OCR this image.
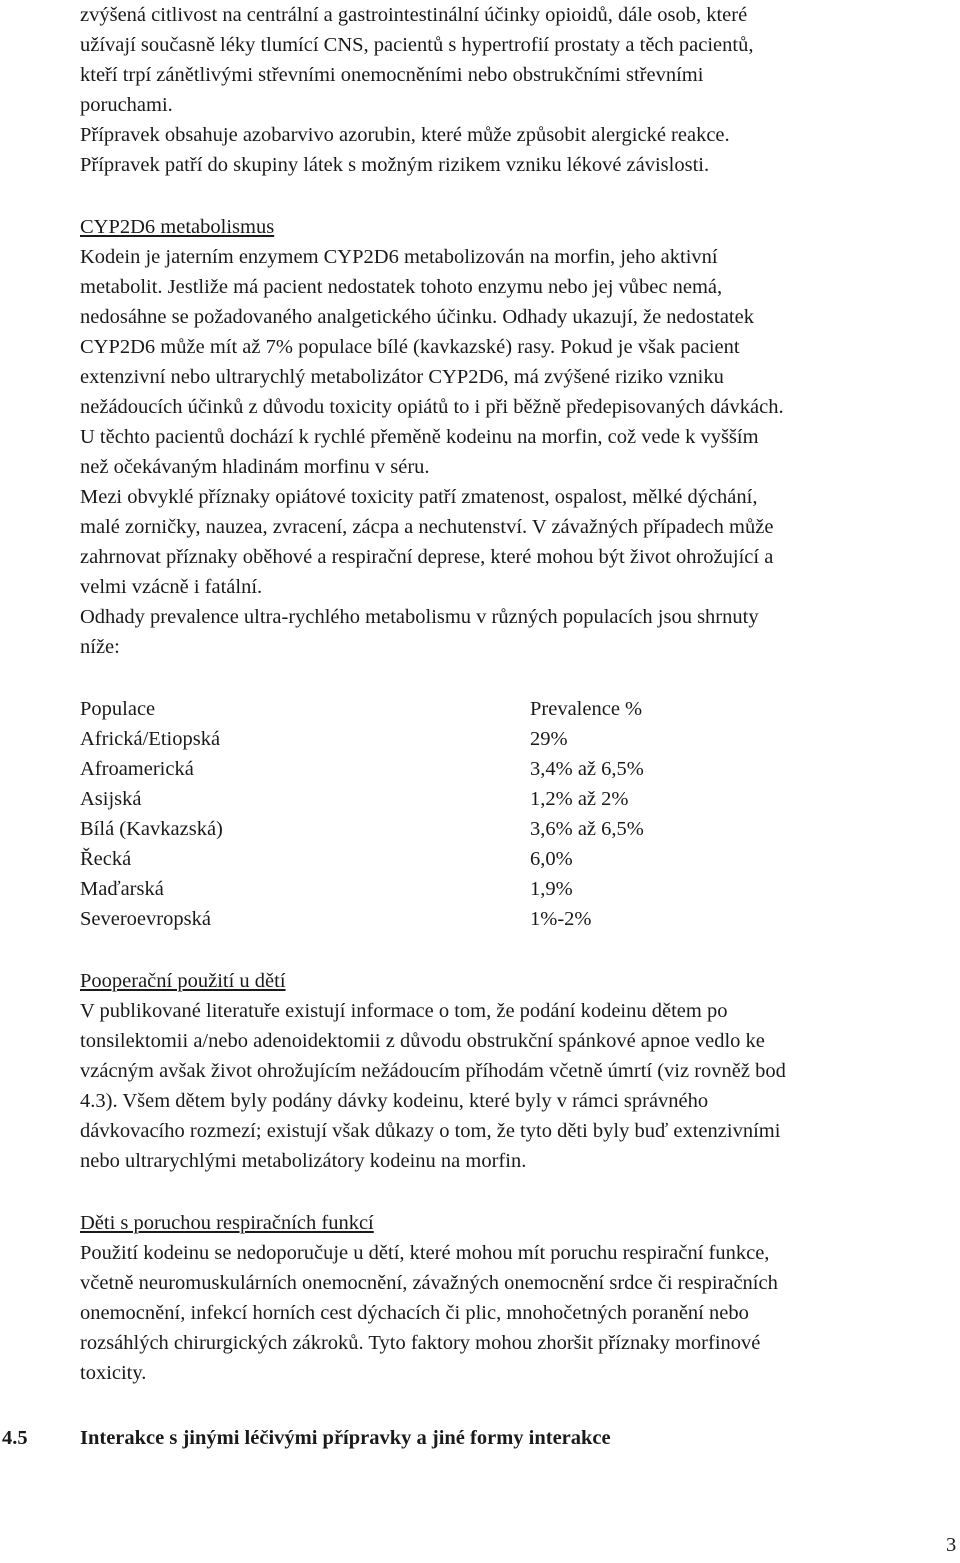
zvýšená citlivost na centrální a gastrointestinální účinky opioidů, dále osob, které
užívají současně léky tlumící CNS, pacientů s hypertrofií prostaty a těch pacientů,
kteří trpí zánětlivými střevními onemocněními nebo obstrukčními střevními
poruchami.
Přípravek obsahuje azobarvivo azorubin, které může způsobit alergické reakce.
Přípravek patří do skupiny látek s možným rizikem vzniku lékové závislosti.
CYP2D6 metabolismus
Kodein je jaterním enzymem CYP2D6 metabolizován na morfin, jeho aktivní
metabolit. Jestliže má pacient nedostatek tohoto enzymu nebo jej vůbec nemá,
nedosáhne se požadovaného analgetického účinku. Odhady ukazují, že nedostatek
CYP2D6 může mít až 7% populace bílé (kavkazské) rasy. Pokud je však pacient
extenzivní nebo ultrarychlý metabolizátor CYP2D6, má zvýšené riziko vzniku
nežádoucích účinků z důvodu toxicity opiátů to i při běžně předepisovaných dávkách.
U těchto pacientů dochází k rychlé přeměně kodeinu na morfin, což vede k vyšším
než očekávaným hladinám morfinu v séru.
Mezi obvyklé příznaky opiátové toxicity patří zmatenost, ospalost, mělké dýchání,
malé zorničky, nauzea, zvracení, zácpa a nechutenství. V závažných případech může
zahrnovat příznaky oběhové a respirační deprese, které mohou být život ohrožující a
velmi vzácně i fatální.
Odhady prevalence ultra-rychlého metabolismu v různých populacích jsou shrnuty
níže:
Populace	Prevalence %
Africká/Etiopská	29%
Afroamerická	3,4% až 6,5%
Asijská	1,2% až 2%
Bílá (Kavkazská)	3,6% až 6,5%
Řecká	6,0%
Maďarská	1,9%
Severoevropská	1%-2%
Pooperační použití u dětí
V publikované literatuře existují informace o tom, že podání kodeinu dětem po
tonsilektomii a/nebo adenoidektomii z důvodu obstrukční spánkové apnoe vedlo ke
vzácným avšak život ohrožujícím nežádoucím příhodám včetně úmrtí (viz rovněž bod
4.3). Všem dětem byly podány dávky kodeinu, které byly v rámci správného
dávkovacího rozmezí; existují však důkazy o tom, že tyto děti byly buď extenzivními
nebo ultrarychlými metabolizátory kodeinu na morfin.
Děti s poruchou respiračních funkcí
Použití kodeinu se nedoporučuje u dětí, které mohou mít poruchu respirační funkce,
včetně neuromuskulárních onemocnění, závažných onemocnění srdce či respiračních
onemocnění, infekcí horních cest dýchacích či plic, mnohočetných poranění nebo
rozsáhlých chirurgických zákroků. Tyto faktory mohou zhoršit příznaky morfinové
toxicity.
4.5	Interakce s jinými léčivými přípravky a jiné formy interakce
3
